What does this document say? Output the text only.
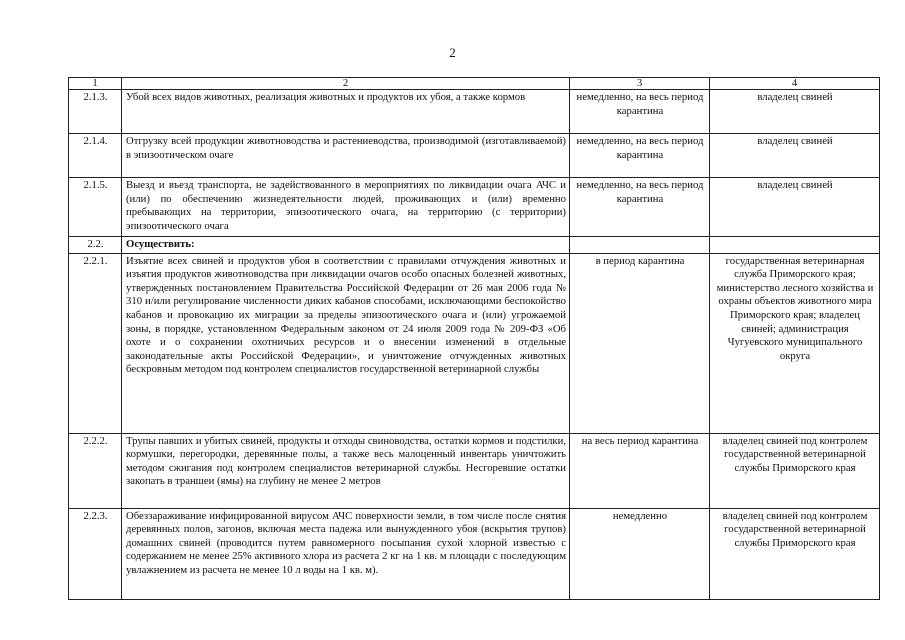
2
1	2	3	4
2.1.3.	Убой всех видов животных, реализация животных и продуктов их убоя, а также кормов	немедленно, на весь период карантина	владелец свиней
2.1.4.	Отгрузку всей продукции животноводства и растениеводства, производимой (изготавливаемой) в эпизоотическом очаге	немедленно, на весь период карантина	владелец свиней
2.1.5.	Выезд и въезд транспорта, не задействованного в мероприятиях по ликвидации очага АЧС и (или) по обеспечению жизнедеятельности людей, проживающих и (или) временно пребывающих на территории, эпизоотического очага, на территорию (с территории) эпизоотического очага	немедленно, на весь период карантина	владелец свиней
2.2.	Осуществить:		
2.2.1.	Изъятие всех свиней и продуктов убоя в соответствии с правилами отчуждения животных и изъятия продуктов животноводства при ликвидации очагов особо опасных болезней животных, утвержденных постановлением Правительства Российской Федерации от 26 мая 2006 года № 310 и/или регулирование численности диких кабанов способами, исключающими беспокойство кабанов и провокацию их миграции за пределы эпизоотического очага и (или) угрожаемой зоны, в порядке, установленном Федеральным законом от 24 июля 2009 года № 209-ФЗ «Об охоте и о сохранении охотничьих ресурсов и о внесении изменений в отдельные законодательные акты Российской Федерации», и уничтожение отчужденных животных бескровным методом под контролем специалистов государственной ветеринарной службы	в период карантина	государственная ветеринарная служба Приморского края; министерство лесного хозяйства и охраны объектов животного мира Приморского края; владелец свиней; администрация Чугуевского муниципального округа
2.2.2.	Трупы павших и убитых свиней, продукты и отходы свиноводства, остатки кормов и подстилки, кормушки, перегородки, деревянные полы, а также весь малоценный инвентарь уничтожить методом сжигания под контролем специалистов ветеринарной службы. Несгоревшие остатки закопать в траншеи (ямы) на глубину не менее 2 метров	на весь период карантина	владелец свиней под контролем государственной ветеринарной службы Приморского края
2.2.3.	Обеззараживание инфицированной вирусом АЧС поверхности земли, в том числе после снятия деревянных полов, загонов, включая места падежа или вынужденного убоя (вскрытия трупов) домашних свиней (проводится путем равномерного посыпания сухой хлорной известью с содержанием не менее 25% активного хлора из расчета 2 кг на 1 кв. м площади с последующим увлажнением из расчета не менее 10 л воды на 1 кв. м).	немедленно	владелец свиней под контролем государственной ветеринарной службы Приморского края
